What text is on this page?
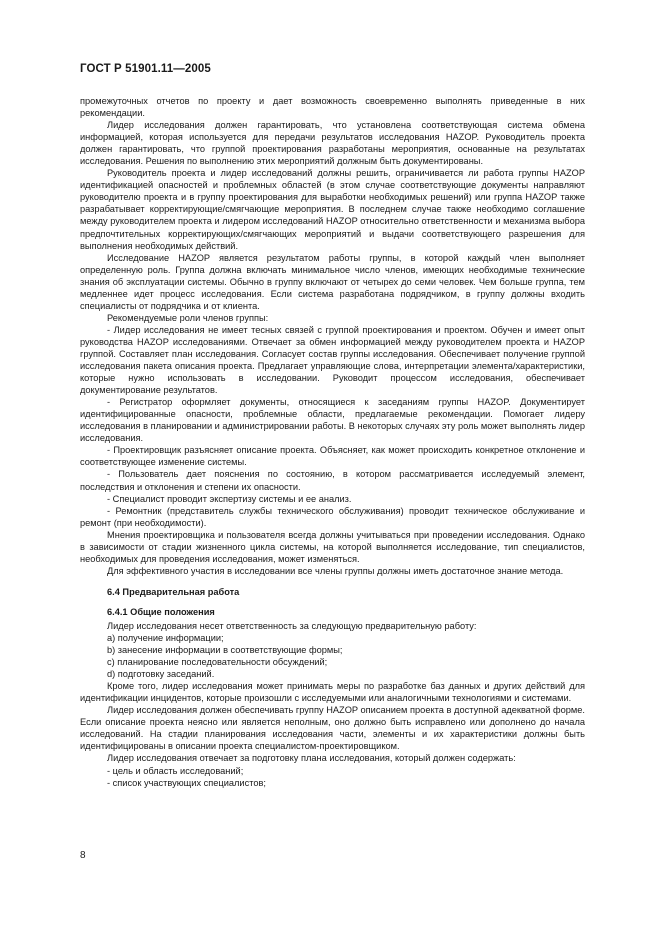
ГОСТ Р 51901.11—2005

промежуточных отчетов по проекту и дает возможность своевременно выполнять приведенные в них рекомендации.

Лидер исследования должен гарантировать, что установлена соответствующая система обмена информацией, которая используется для передачи результатов исследования HAZOP. Руководитель проекта должен гарантировать, что группой проектирования разработаны мероприятия, основанные на результатах исследования. Решения по выполнению этих мероприятий должным быть документированы.

Руководитель проекта и лидер исследований должны решить, ограничивается ли работа группы HAZOP идентификацией опасностей и проблемных областей (в этом случае соответствующие документы направляют руководителю проекта и в группу проектирования для выработки необходимых решений) или группа HAZOP также разрабатывает корректирующие/смягчающие мероприятия. В последнем случае также необходимо соглашение между руководителем проекта и лидером исследований HAZOP относительно ответственности и механизма выбора предпочтительных корректирующих/смягчающих мероприятий и выдачи соответствующего разрешения для выполнения необходимых действий.

Исследование HAZOP является результатом работы группы, в которой каждый член выполняет определенную роль. Группа должна включать минимальное число членов, имеющих необходимые технические знания об эксплуатации системы. Обычно в группу включают от четырех до семи человек. Чем больше группа, тем медленнее идет процесс исследования. Если система разработана подрядчиком, в группу должны входить специалисты от подрядчика и от клиента.

Рекомендуемые роли членов группы:

- Лидер исследования не имеет тесных связей с группой проектирования и проектом. Обучен и имеет опыт руководства HAZOP исследованиями. Отвечает за обмен информацией между руководителем проекта и HAZOP группой. Составляет план исследования. Согласует состав группы исследования. Обеспечивает получение группой исследования пакета описания проекта. Предлагает управляющие слова, интерпретации элемента/характеристики, которые нужно использовать в исследовании. Руководит процессом исследования, обеспечивает документирование результатов.

- Регистратор оформляет документы, относящиеся к заседаниям группы HAZOP. Документирует идентифицированные опасности, проблемные области, предлагаемые рекомендации. Помогает лидеру исследования в планировании и администрировании работы. В некоторых случаях эту роль может выполнять лидер исследования.

- Проектировщик разъясняет описание проекта. Объясняет, как может происходить конкретное отклонение и соответствующее изменение системы.

- Пользователь дает пояснения по состоянию, в котором рассматривается исследуемый элемент, последствия и отклонения и степени их опасности.

- Специалист проводит экспертизу системы и ее анализ.

- Ремонтник (представитель службы технического обслуживания) проводит техническое обслуживание и ремонт (при необходимости).

Мнения проектировщика и пользователя всегда должны учитываться при проведении исследования. Однако в зависимости от стадии жизненного цикла системы, на которой выполняется исследование, тип специалистов, необходимых для проведения исследования, может изменяться.

Для эффективного участия в исследовании все члены группы должны иметь достаточное знание метода.

6.4 Предварительная работа

6.4.1 Общие положения

Лидер исследования несет ответственность за следующую предварительную работу:

a) получение информации;

b) занесение информации в соответствующие формы;

c) планирование последовательности обсуждений;

d) подготовку заседаний.

Кроме того, лидер исследования может принимать меры по разработке баз данных и других действий для идентификации инцидентов, которые произошли с исследуемыми или аналогичными технологиями и системами.

Лидер исследования должен обеспечивать группу HAZOP описанием проекта в доступной адекватной форме. Если описание проекта неясно или является неполным, оно должно быть исправлено или дополнено до начала исследований. На стадии планирования исследования части, элементы и их характеристики должны быть идентифицированы в описании проекта специалистом-проектировщиком.

Лидер исследования отвечает за подготовку плана исследования, который должен содержать:

- цель и область исследований;

- список участвующих специалистов;

8
